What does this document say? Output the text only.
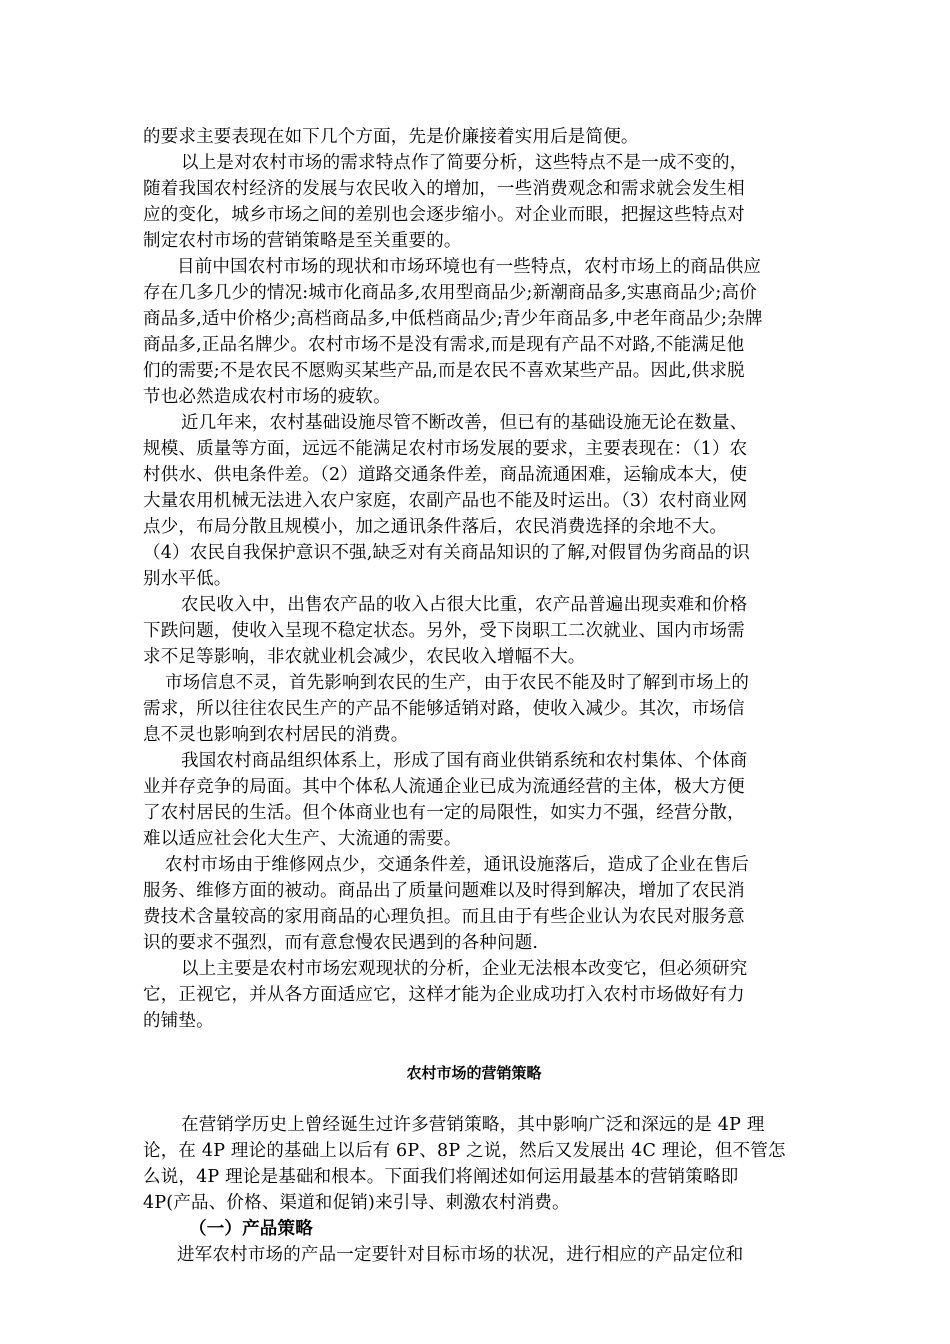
的要求主要表现在如下几个方面，先是价廉接着实用后是简便。
以上是对农村市场的需求特点作了简要分析，这些特点不是一成不变的，
随着我国农村经济的发展与农民收入的增加，一些消费观念和需求就会发生相
应的变化，城乡市场之间的差别也会逐步缩小。对企业而眼，把握这些特点对
制定农村市场的营销策略是至关重要的。
目前中国农村市场的现状和市场环境也有一些特点，农村市场上的商品供应
存在几多几少的情况:城市化商品多,农用型商品少;新潮商品多,实惠商品少;高价
商品多,适中价格少;高档商品多,中低档商品少;青少年商品多,中老年商品少;杂牌
商品多,正品名牌少。农村市场不是没有需求,而是现有产品不对路,不能满足他
们的需要;不是农民不愿购买某些产品,而是农民不喜欢某些产品。因此,供求脱
节也必然造成农村市场的疲软。
近几年来，农村基础设施尽管不断改善，但已有的基础设施无论在数量、
规模、质量等方面，远远不能满足农村市场发展的要求，主要表现在：（1）农
村供水、供电条件差。（2）道路交通条件差，商品流通困难，运输成本大，使
大量农用机械无法进入农户家庭，农副产品也不能及时运出。（3）农村商业网
点少，布局分散且规模小，加之通讯条件落后，农民消费选择的余地不大。
（4）农民自我保护意识不强,缺乏对有关商品知识的了解,对假冒伪劣商品的识
别水平低。
农民收入中，出售农产品的收入占很大比重，农产品普遍出现卖难和价格
下跌问题，使收入呈现不稳定状态。另外，受下岗职工二次就业、国内市场需
求不足等影响，非农就业机会减少，农民收入增幅不大。
市场信息不灵，首先影响到农民的生产，由于农民不能及时了解到市场上的
需求，所以往往农民生产的产品不能够适销对路，使收入减少。其次，市场信
息不灵也影响到农村居民的消费。
我国农村商品组织体系上，形成了国有商业供销系统和农村集体、个体商
业并存竞争的局面。其中个体私人流通企业已成为流通经营的主体，极大方便
了农村居民的生活。但个体商业也有一定的局限性，如实力不强，经营分散，
难以适应社会化大生产、大流通的需要。
农村市场由于维修网点少，交通条件差，通讯设施落后，造成了企业在售后
服务、维修方面的被动。商品出了质量问题难以及时得到解决，增加了农民消
费技术含量较高的家用商品的心理负担。而且由于有些企业认为农民对服务意
识的要求不强烈，而有意怠慢农民遇到的各种问题.
以上主要是农村市场宏观现状的分析，企业无法根本改变它，但必须研究
它，正视它，并从各方面适应它，这样才能为企业成功打入农村市场做好有力
的铺垫。
农村市场的营销策略
在营销学历史上曾经诞生过许多营销策略，其中影响广泛和深远的是 4P 理
论，在 4P 理论的基础上以后有 6P、8P 之说，然后又发展出 4C 理论，但不管怎
么说，4P 理论是基础和根本。下面我们将阐述如何运用最基本的营销策略即
4P(产品、价格、渠道和促销)来引导、刺激农村消费。
（一）产品策略
进军农村市场的产品一定要针对目标市场的状况，进行相应的产品定位和
